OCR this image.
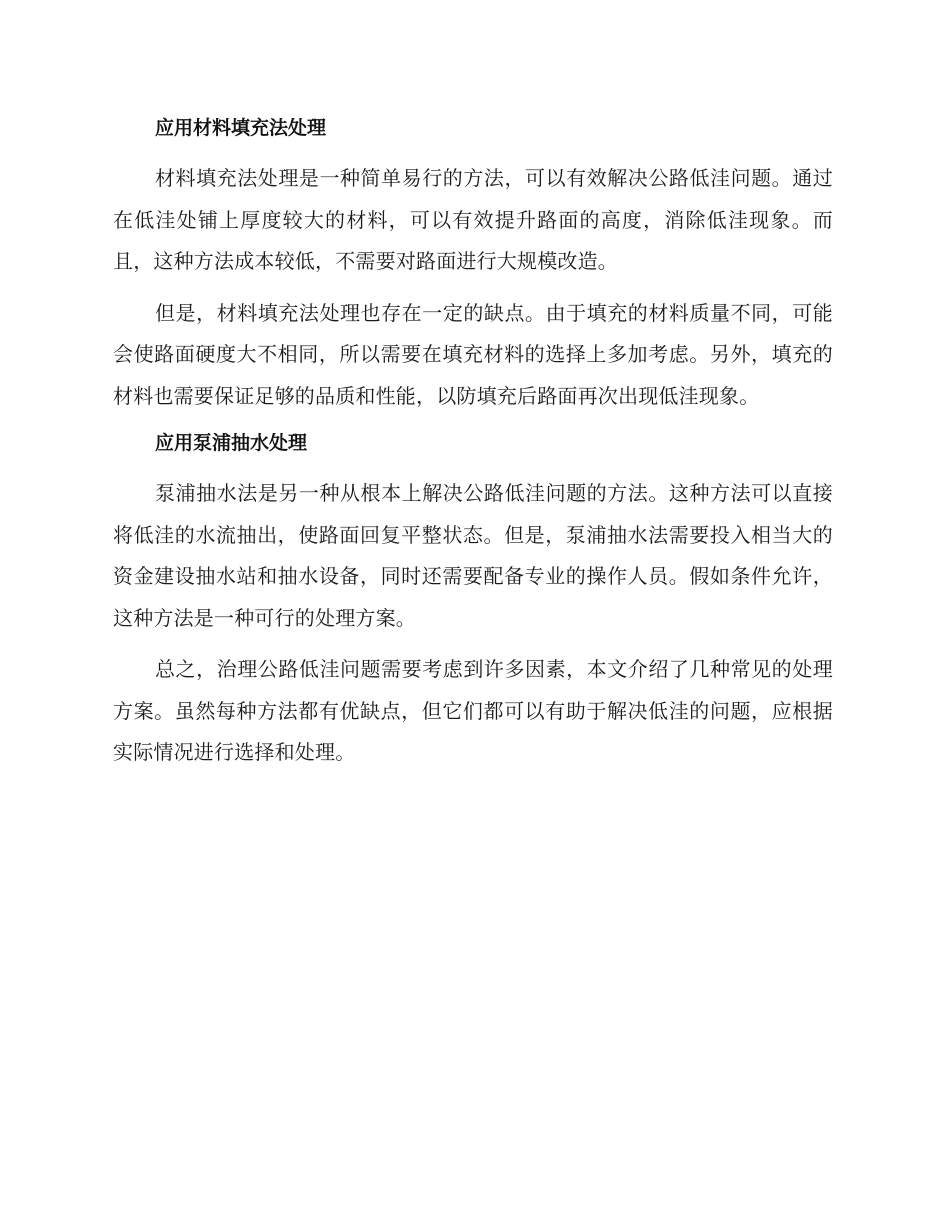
应用材料填充法处理

材料填充法处理是一种简单易行的方法，可以有效解决公路低洼问题。通过在低洼处铺上厚度较大的材料，可以有效提升路面的高度，消除低洼现象。而且，这种方法成本较低，不需要对路面进行大规模改造。

但是，材料填充法处理也存在一定的缺点。由于填充的材料质量不同，可能会使路面硬度大不相同，所以需要在填充材料的选择上多加考虑。另外，填充的材料也需要保证足够的品质和性能，以防填充后路面再次出现低洼现象。

应用泵浦抽水处理

泵浦抽水法是另一种从根本上解决公路低洼问题的方法。这种方法可以直接将低洼的水流抽出，使路面回复平整状态。但是，泵浦抽水法需要投入相当大的资金建设抽水站和抽水设备，同时还需要配备专业的操作人员。假如条件允许，这种方法是一种可行的处理方案。

总之，治理公路低洼问题需要考虑到许多因素，本文介绍了几种常见的处理方案。虽然每种方法都有优缺点，但它们都可以有助于解决低洼的问题，应根据实际情况进行选择和处理。
